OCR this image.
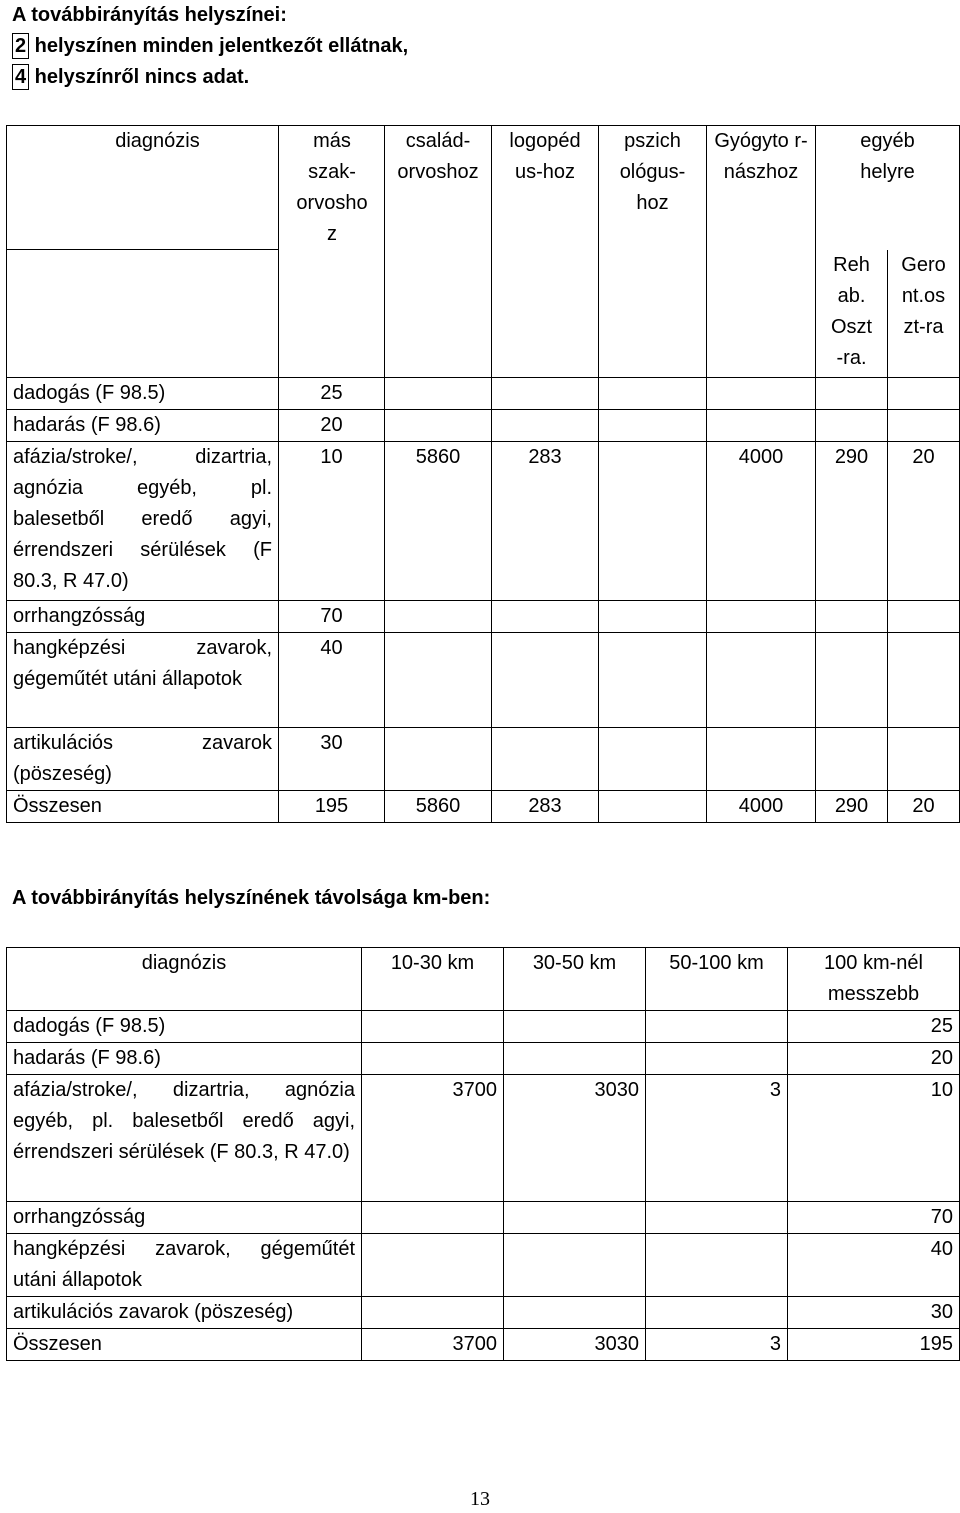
A továbbirányítás helyszínei:
2 helyszínen minden jelentkezőt ellátnak,
4 helyszínről nincs adat.
diagnózis	más szak-orvoshoz	család-orvoshoz	logopéd us-hoz	pszich ológus-hoz	Gyógyto r-nászhoz	egyéb helyre	

						Reh ab. Oszt -ra.	Gero nt.os zt-ra

dadogás (F 98.5)	25						
hadarás (F 98.6)	20						
afázia/stroke/, dizartria, agnózia egyéb, pl. balesetből eredő agyi, érrendszeri sérülések (F 80.3, R 47.0)	10	5860	283		4000	290	20
orrhangzósság	70						
hangképzési zavarok, gégeműtét utáni állapotok	40						
artikulációs zavarok (pöszeség)	30						
Összesen	195	5860	283		4000	290	20
A továbbirányítás helyszínének távolsága km-ben:
diagnózis	10-30 km	30-50 km	50-100 km	100 km-nél messzebb

dadogás (F 98.5)				25
hadarás (F 98.6)				20
afázia/stroke/, dizartria, agnózia egyéb, pl. balesetből eredő agyi, érrendszeri sérülések (F 80.3, R 47.0)	3700	3030	3	10
orrhangzósság				70
hangképzési zavarok, gégeműtét utáni állapotok				40
artikulációs zavarok (pöszeség)				30
Összesen	3700	3030	3	195
13
